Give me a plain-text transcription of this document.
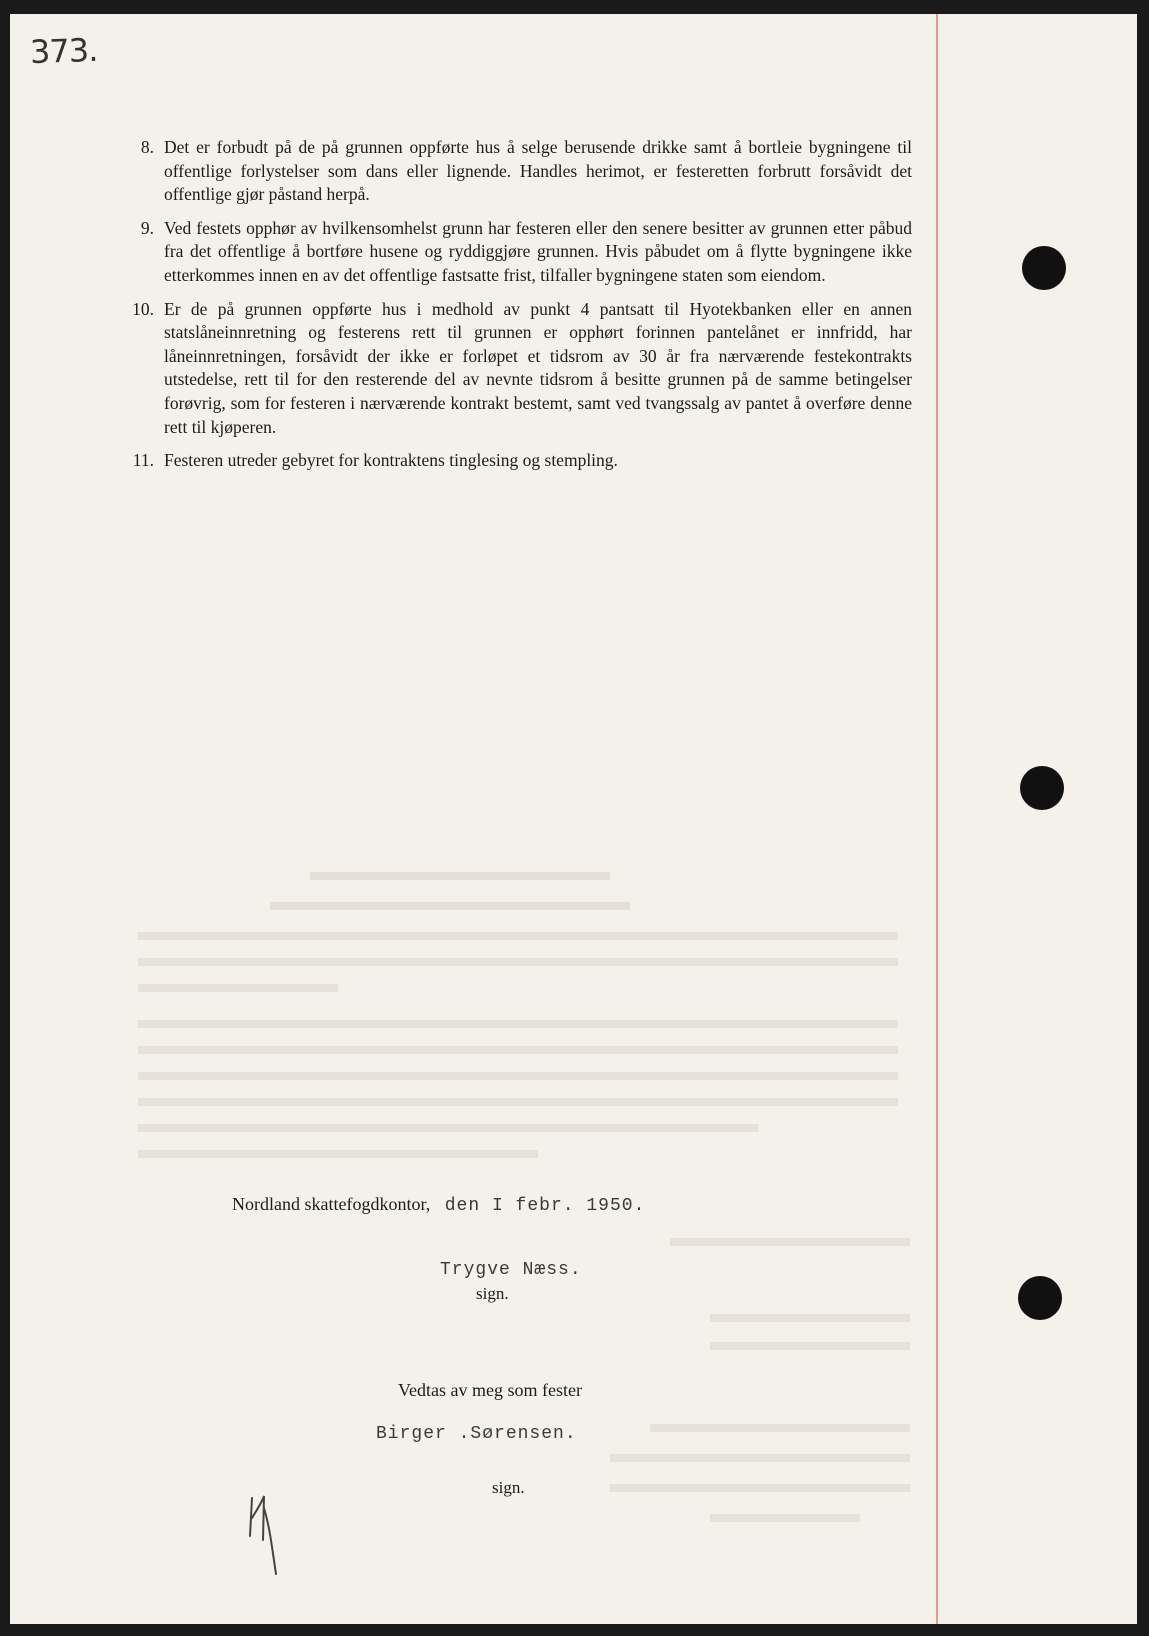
373.
8. Det er forbudt på de på grunnen oppførte hus å selge berusende drikke samt å bortleie bygningene til offentlige forlystelser som dans eller lignende. Handles herimot, er festeretten forbrutt forsåvidt det offentlige gjør påstand herpå.
9. Ved festets opphør av hvilkensomhelst grunn har festeren eller den senere besitter av grunnen etter påbud fra det offentlige å bortføre husene og ryddiggjøre grunnen. Hvis påbudet om å flytte bygningene ikke etterkommes innen en av det offentlige fastsatte frist, tilfaller bygningene staten som eiendom.
10. Er de på grunnen oppførte hus i medhold av punkt 4 pantsatt til Hyotekbanken eller en annen statslåneinnretning og festerens rett til grunnen er opphørt forinnen pantelånet er innfridd, har låneinnretningen, forsåvidt der ikke er forløpet et tidsrom av 30 år fra nærværende festekontrakts utstedelse, rett til for den resterende del av nevnte tidsrom å besitte grunnen på de samme betingelser forøvrig, som for festeren i nærværende kontrakt bestemt, samt ved tvangssalg av pantet å overføre denne rett til kjøperen.
11. Festeren utreder gebyret for kontraktens tinglesing og stempling.
Nordland skattefogdkontor, den I febr. 1950.
Trygve Næss.
sign.
Vedtas av meg som fester
Birger .Sørensen.
sign.
